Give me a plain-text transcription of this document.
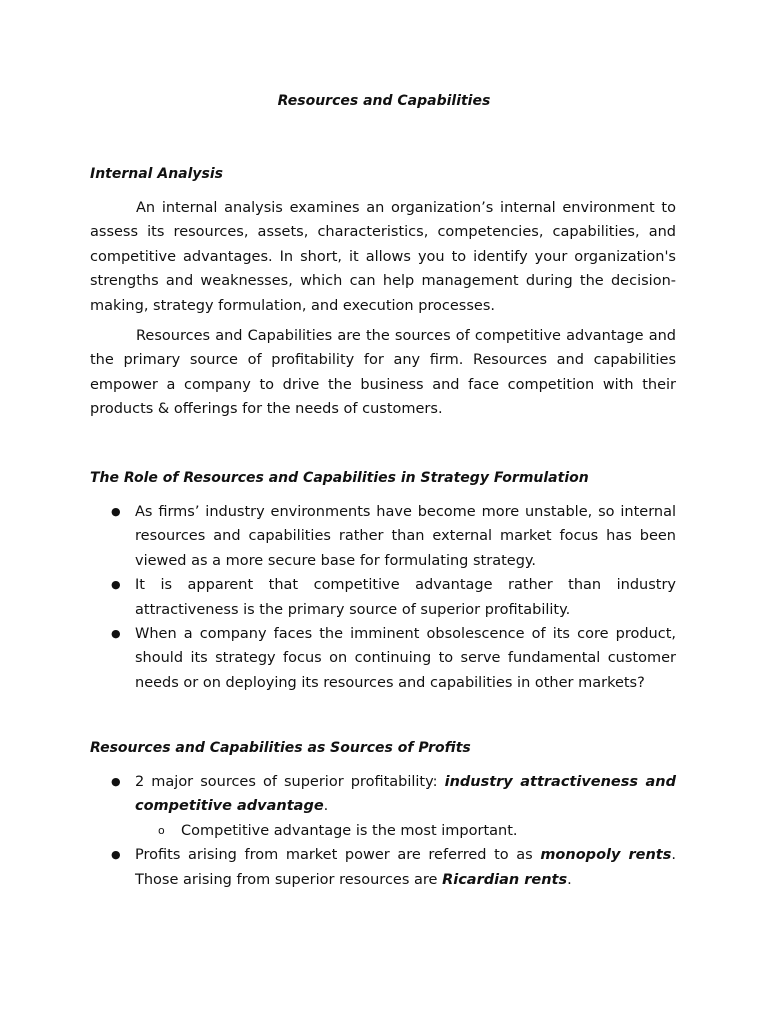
Resources and Capabilities
Internal Analysis

An internal analysis examines an organization’s internal environment to assess its resources, assets, characteristics, competencies, capabilities, and competitive advantages. In short, it allows you to identify your organization's strengths and weaknesses, which can help management during the decision-making, strategy formulation, and execution processes.

Resources and Capabilities are the sources of competitive advantage and the primary source of profitability for any firm. Resources and capabilities empower a company to drive the business and face competition with their products & offerings for the needs of customers.

The Role of Resources and Capabilities in Strategy Formulation
● As firms’ industry environments have become more unstable, so internal resources and capabilities rather than external market focus has been viewed as a more secure base for formulating strategy.
● It is apparent that competitive advantage rather than industry attractiveness is the primary source of superior profitability.
● When a company faces the imminent obsolescence of its core product, should its strategy focus on continuing to serve fundamental customer needs or on deploying its resources and capabilities in other markets?
Resources and Capabilities as Sources of Profits
● 2 major sources of superior profitability: industry attractiveness and competitive advantage.
o Competitive advantage is the most important.
● Profits arising from market power are referred to as monopoly rents. Those arising from superior resources are Ricardian rents.
